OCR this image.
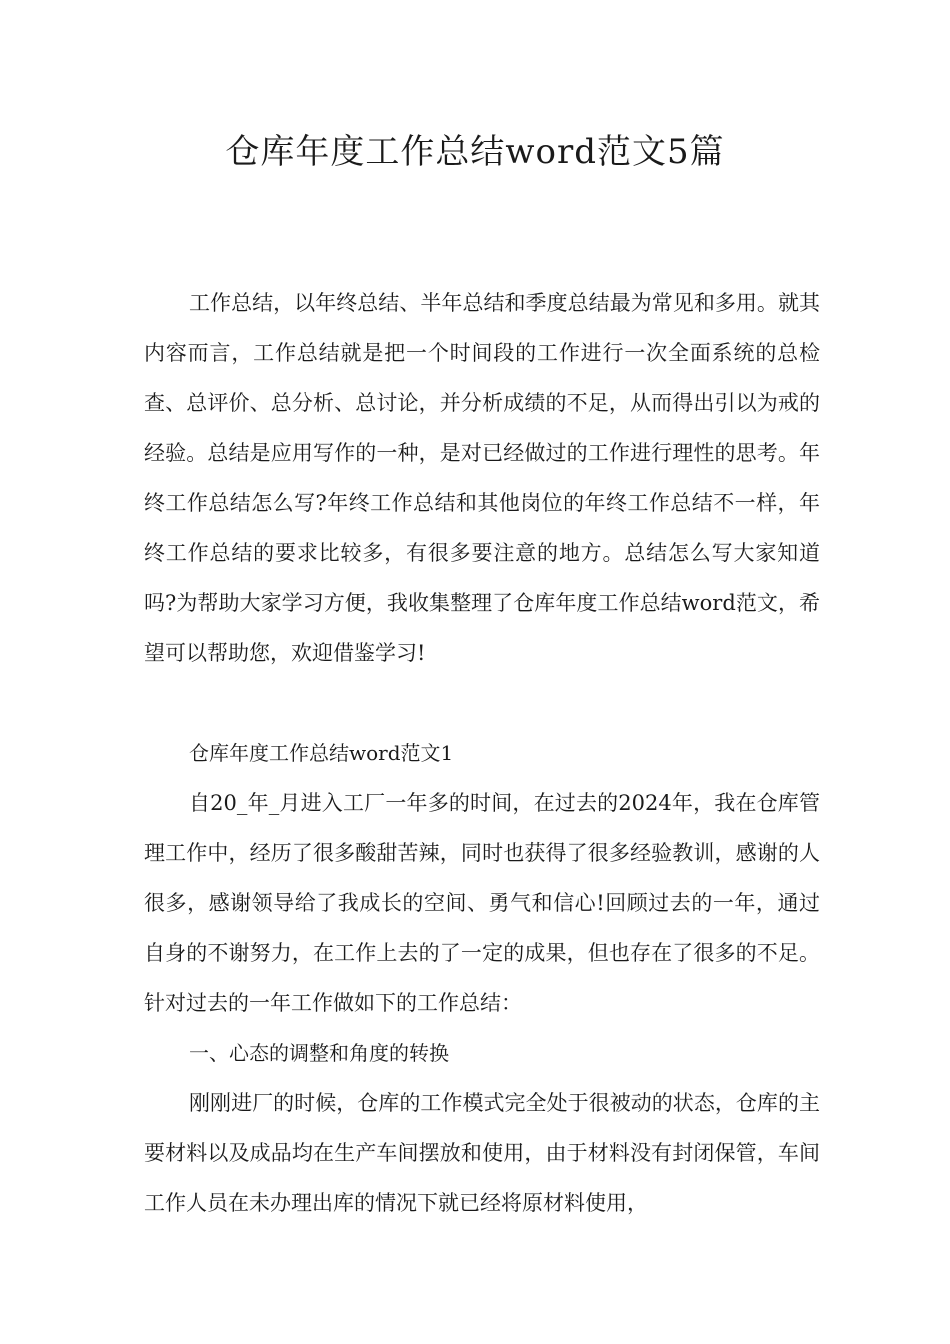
仓库年度工作总结word范文5篇

工作总结，以年终总结、半年总结和季度总结最为常见和多用。就其内容而言，工作总结就是把一个时间段的工作进行一次全面系统的总检查、总评价、总分析、总讨论，并分析成绩的不足，从而得出引以为戒的经验。总结是应用写作的一种，是对已经做过的工作进行理性的思考。年终工作总结怎么写?年终工作总结和其他岗位的年终工作总结不一样，年终工作总结的要求比较多，有很多要注意的地方。总结怎么写大家知道吗?为帮助大家学习方便，我收集整理了仓库年度工作总结word范文，希望可以帮助您，欢迎借鉴学习!

仓库年度工作总结word范文1

自20_年_月进入工厂一年多的时间，在过去的2024年，我在仓库管理工作中，经历了很多酸甜苦辣，同时也获得了很多经验教训，感谢的人很多，感谢领导给了我成长的空间、勇气和信心!回顾过去的一年，通过自身的不谢努力，在工作上去的了一定的成果，但也存在了很多的不足。针对过去的一年工作做如下的工作总结：

一、心态的调整和角度的转换

刚刚进厂的时候，仓库的工作模式完全处于很被动的状态，仓库的主要材料以及成品均在生产车间摆放和使用，由于材料没有封闭保管，车间工作人员在未办理出库的情况下就已经将原材料使用，
